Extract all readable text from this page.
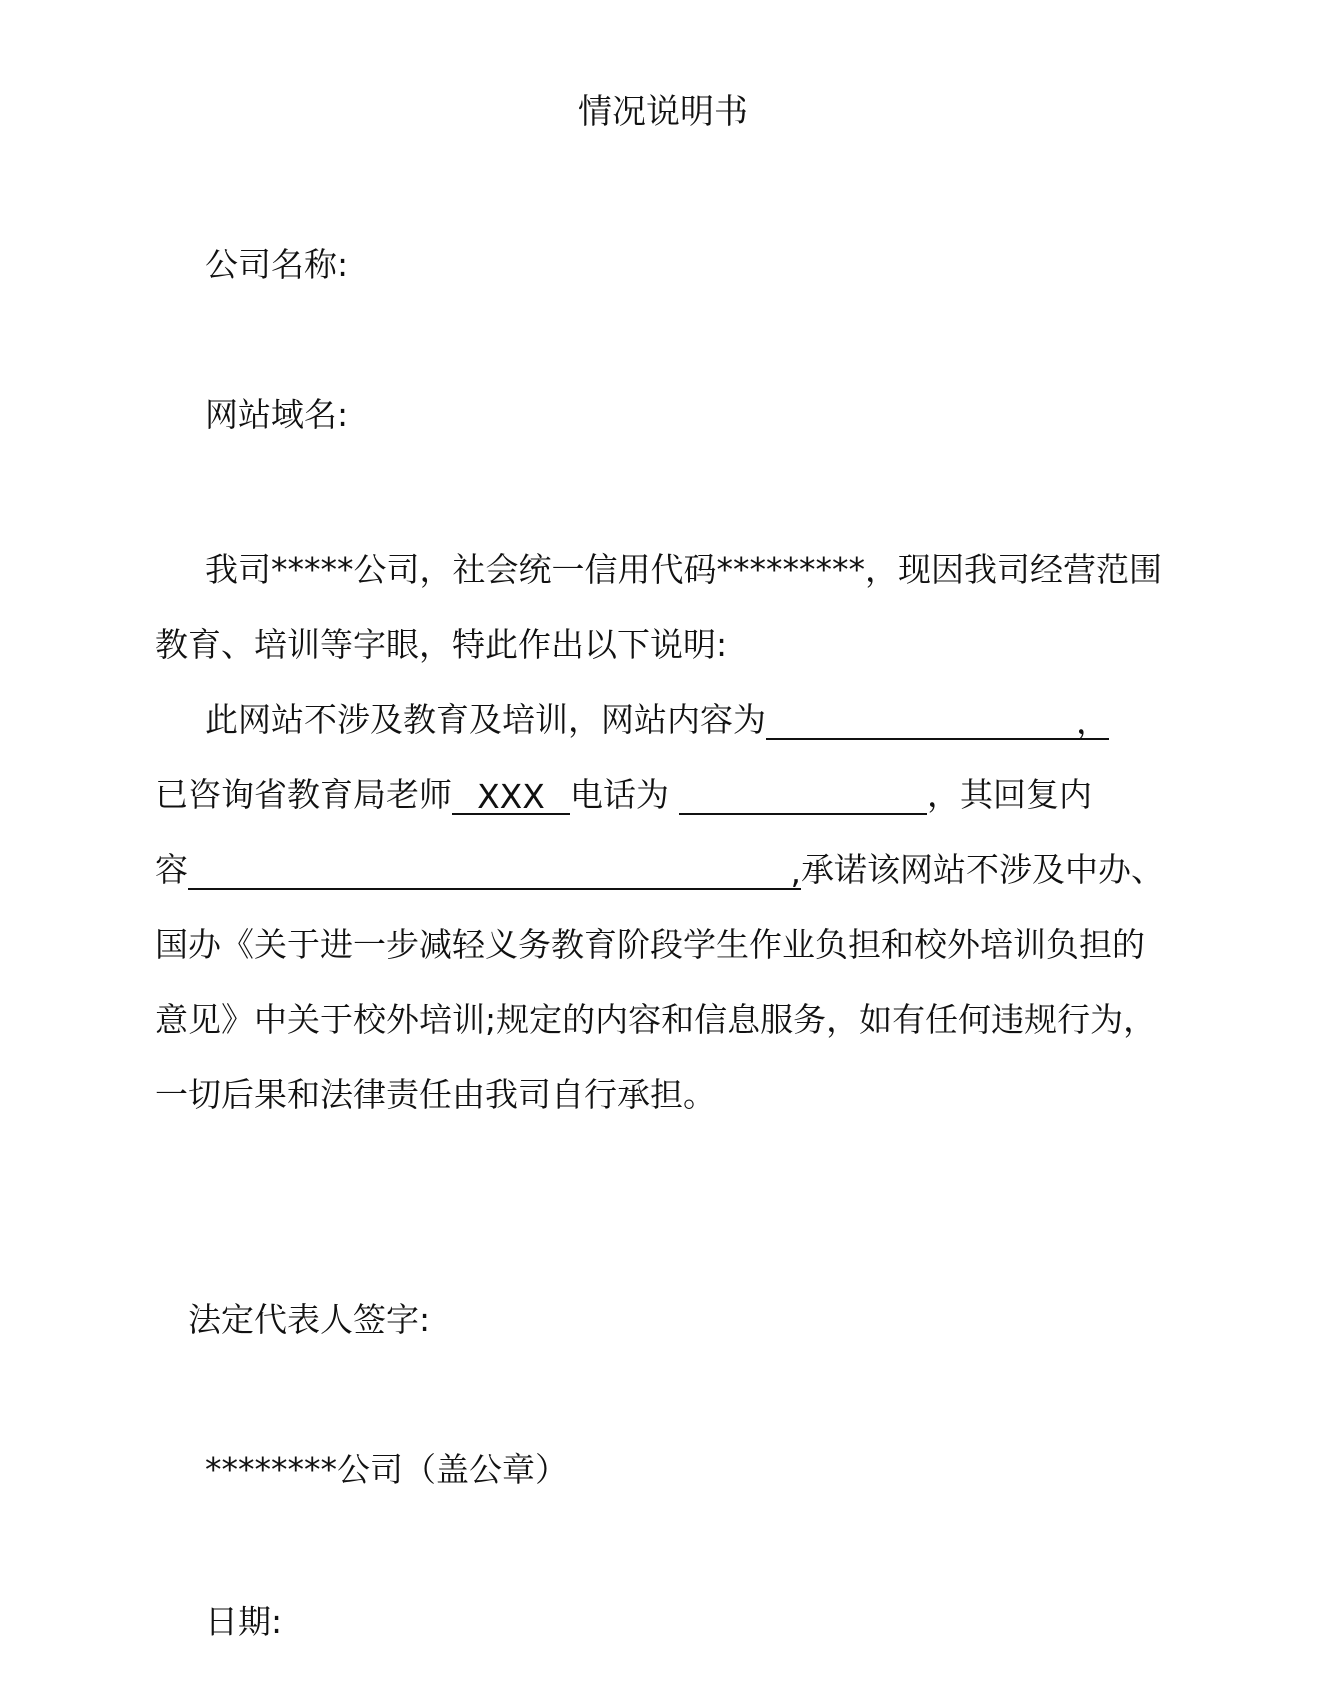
情况说明书
公司名称:
网站域名:
我司*****公司，社会统一信用代码*********，现因我司经营范围
教育、培训等字眼，特此作出以下说明:
此网站不涉及教育及培训，网站内容为	，
已咨询省教育局老师 XXX 电话为	，其回复内
容	, 承诺该网站不涉及中办、
国办《关于进一步减轻义务教育阶段学生作业负担和校外培训负担的
意见》中关于校外培训;规定的内容和信息服务，如有任何违规行为，
一切后果和法律责任由我司自行承担。
法定代表人签字:
********公司（盖公章）
日期:
